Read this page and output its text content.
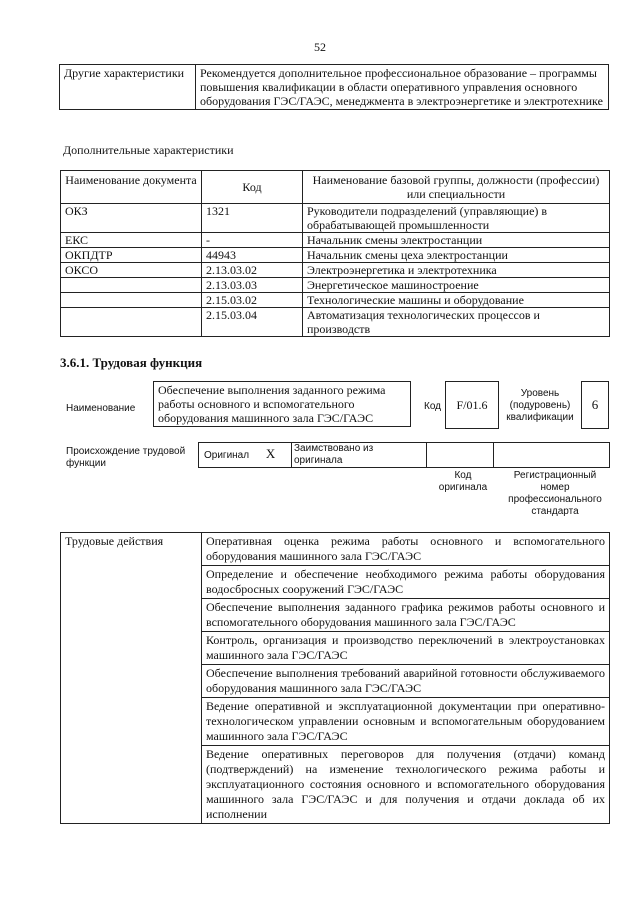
52
Другие характеристики	Рекомендуется дополнительное профессиональное образование – программы повышения квалификации в области оперативного управления основного оборудования ГЭС/ГАЭС, менеджмента в электроэнергетике и электротехнике
Дополнительные характеристики
Наименование документа	Код	Наименование базовой группы, должности (профессии) или специальности
ОКЗ	1321	Руководители подразделений (управляющие) в обрабатывающей промышленности
ЕКС	-	Начальник смены электростанции
ОКПДТР	44943	Начальник смены цеха электростанции
ОКСО	2.13.03.02	Электроэнергетика и электротехника
	2.13.03.03	Энергетическое машиностроение
	2.15.03.02	Технологические машины и оборудование
	2.15.03.04	Автоматизация технологических процессов и производств
3.6.1. Трудовая функция
Наименование
Обеспечение выполнения заданного режима работы основного и вспомогательного оборудования машинного зала ГЭС/ГАЭС
Код	F/01.6
Уровень (подуровень) квалификации
6
Происхождение трудовой функции
Оригинал X	Заимствовано из оригинала		
Код оригинала
Регистрационный номер профессионального стандарта
Трудовые действия	Оперативная оценка режима работы основного и вспомогательного оборудования машинного зала ГЭС/ГАЭС
Определение и обеспечение необходимого режима работы оборудования водосбросных сооружений ГЭС/ГАЭС
Обеспечение выполнения заданного графика режимов работы основного и вспомогательного оборудования машинного зала ГЭС/ГАЭС
Контроль, организация и производство переключений в электроустановках машинного зала ГЭС/ГАЭС
Обеспечение выполнения требований аварийной готовности обслуживаемого оборудования машинного зала ГЭС/ГАЭС
Ведение оперативной и эксплуатационной документации при оперативно-технологическом управлении основным и вспомогательным оборудованием машинного зала ГЭС/ГАЭС
Ведение оперативных переговоров для получения (отдачи) команд (подтверждений) на изменение технологического режима работы и эксплуатационного состояния основного и вспомогательного оборудования машинного зала ГЭС/ГАЭС и для получения и отдачи доклада об их исполнении
